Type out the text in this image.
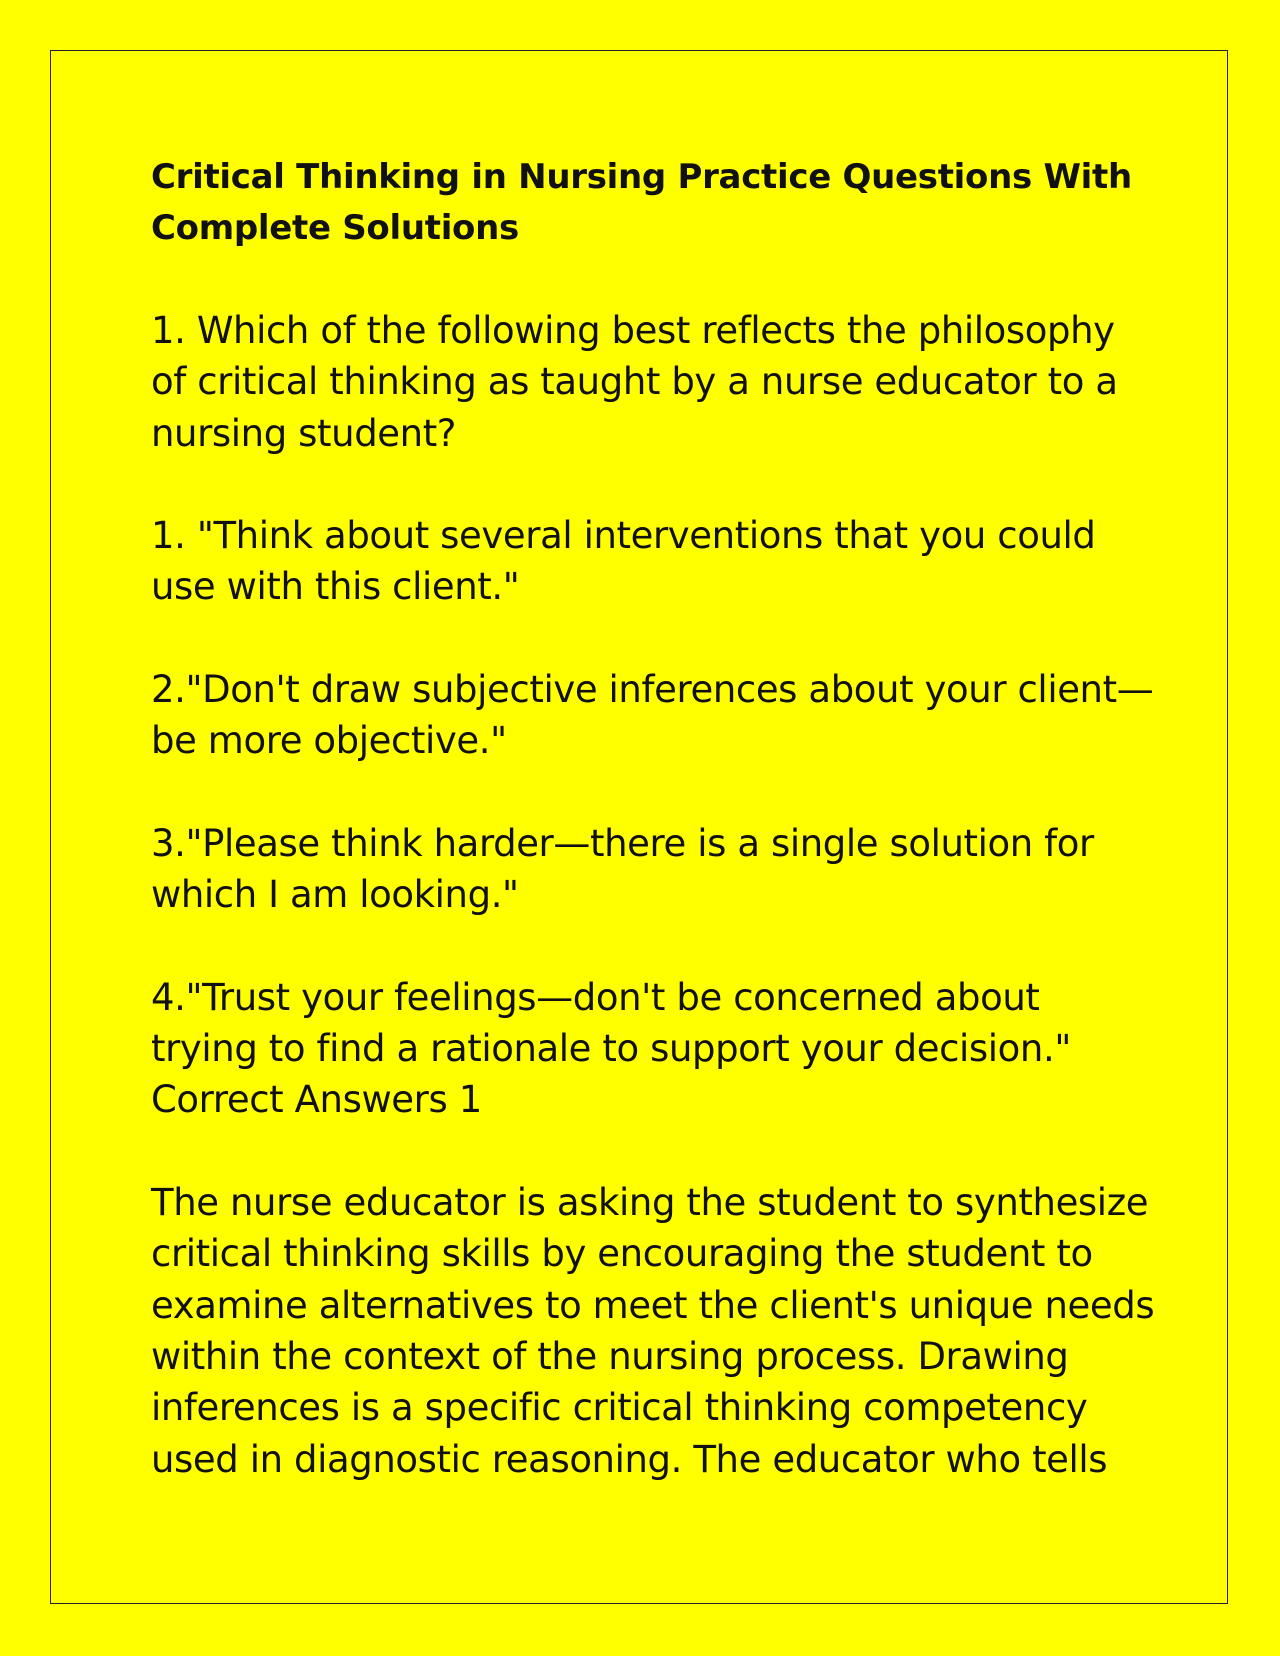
Critical Thinking in Nursing Practice Questions With
Complete Solutions
1. Which of the following best reflects the philosophy
of critical thinking as taught by a nurse educator to a
nursing student?
1. "Think about several interventions that you could
use with this client."
2."Don't draw subjective inferences about your client—
be more objective."
3."Please think harder—there is a single solution for
which I am looking."
4."Trust your feelings—don't be concerned about
trying to find a rationale to support your decision."
Correct Answers 1
The nurse educator is asking the student to synthesize
critical thinking skills by encouraging the student to
examine alternatives to meet the client's unique needs
within the context of the nursing process. Drawing
inferences is a specific critical thinking competency
used in diagnostic reasoning. The educator who tells
